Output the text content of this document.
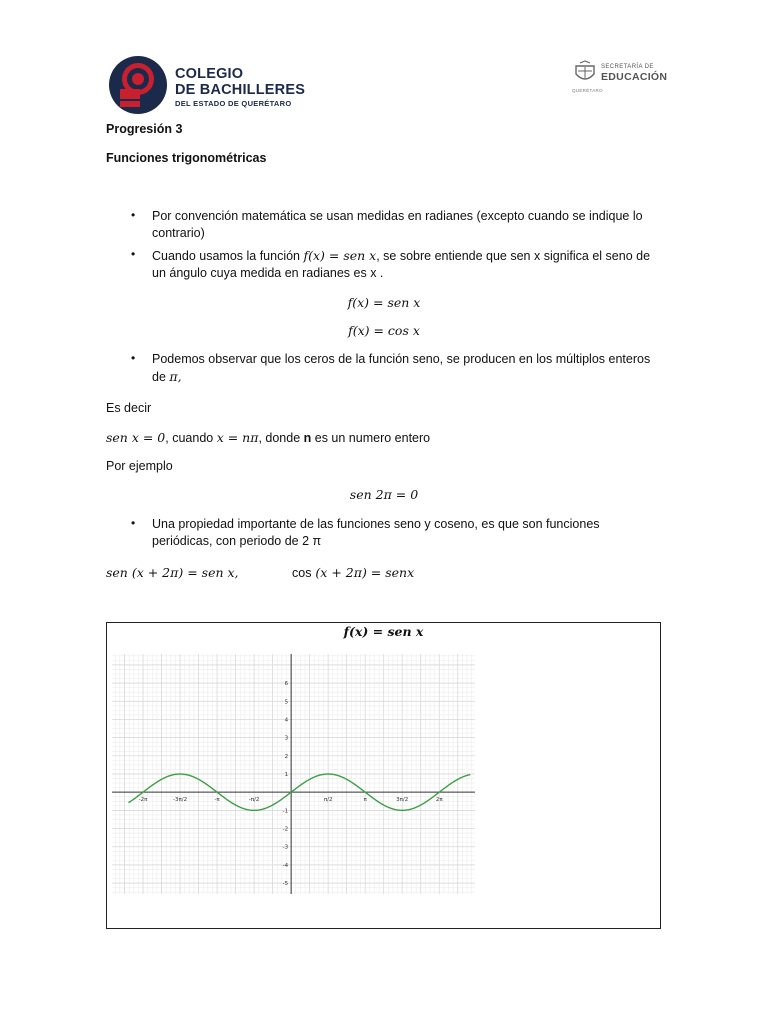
COLEGIO
DE BACHILLERES
DEL ESTADO DE QUERÉTARO
SECRETARÍA DE
EDUCACIÓN
QUERÉTARO
Progresión 3
Funciones trigonométricas
• Por convención matemática se usan medidas en radianes (excepto cuando se indique lo contrario)
• Cuando usamos la función f(x) = sen x, se sobre entiende que sen x significa el seno de un ángulo cuya medida en radianes es x .
f(x) = sen x
f(x) = cos x
• Podemos observar que los ceros de la función seno, se producen en los múltiplos enteros de π,
Es decir
sen x = 0, cuando x = nπ, donde n es un numero entero
Por ejemplo
sen 2π = 0
• Una propiedad importante de las funciones seno y coseno, es que son funciones periódicas, con periodo de 2 π
sen (x + 2π) = sen x,	cos (x + 2π) = senx
f(x) = sen x
-2π	-3π/2	-π	-π/2	π/2	π	3π/2	2π
-5
-4
-3
-2
-1
1
2
3
4
5
6
